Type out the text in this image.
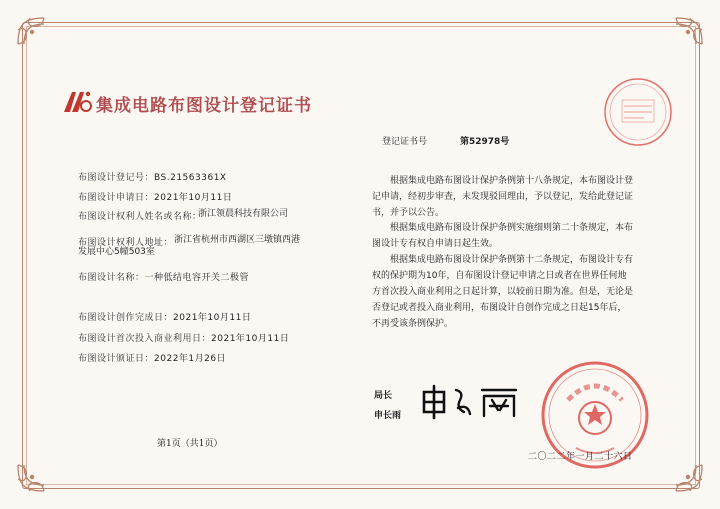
集成电路布图设计登记证书
登记证书号	第52978号
布图设计登记号：BS.21563361X
布图设计申请日：2021年10月11日
布图设计权利人姓名或名称：
浙江领晨科技有限公司
布图设计权利人地址： 浙江省杭州市西湖区三墩镇西港发展中心5幢503室
布图设计名称：一种低结电容开关二极管
布图设计创作完成日：2021年10月11日
布图设计首次投入商业利用日：2021年10月11日
布图设计颁证日：2022年1月26日
根据集成电路布图设计保护条例第十八条规定，本布图设计登记申请，经初步审查，未发现驳回理由，予以登记，发给此登记证书，并予以公告。
根据集成电路布图设计保护条例实施细则第二十条规定，本布图设计专有权自申请日起生效。
根据集成电路布图设计保护条例第十二条规定，布图设计专有权的保护期为10年，自布图设计登记申请之日或者在世界任何地方首次投入商业利用之日起计算，以较前日期为准。但是，无论是否登记或者投入商业利用，布图设计自创作完成之日起15年后，不再受该条例保护。
局长
申长雨
二〇二二年一月二十六日
第1页（共1页）
